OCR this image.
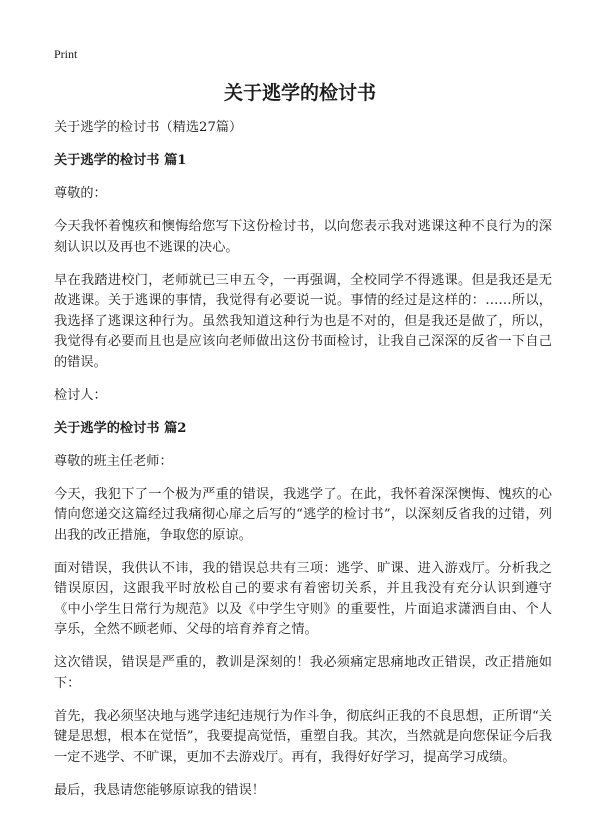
Print
关于逃学的检讨书

关于逃学的检讨书（精选27篇）

关于逃学的检讨书 篇1

尊敬的：

今天我怀着愧疚和懊悔给您写下这份检讨书，以向您表示我对逃课这种不良行为的深刻认识以及再也不逃课的决心。

早在我踏进校门，老师就已三申五令，一再强调，全校同学不得逃课。但是我还是无故逃课。关于逃课的事情，我觉得有必要说一说。事情的经过是这样的：……所以，我选择了逃课这种行为。虽然我知道这种行为也是不对的，但是我还是做了，所以，我觉得有必要而且也是应该向老师做出这份书面检讨，让我自己深深的反省一下自己的错误。

检讨人：

关于逃学的检讨书 篇2

尊敬的班主任老师：

今天，我犯下了一个极为严重的错误，我逃学了。在此，我怀着深深懊悔、愧疚的心情向您递交这篇经过我痛彻心扉之后写的“逃学的检讨书”，以深刻反省我的过错，列出我的改正措施，争取您的原谅。

面对错误，我供认不讳，我的错误总共有三项：逃学、旷课、进入游戏厅。分析我之错误原因，这跟我平时放松自己的要求有着密切关系，并且我没有充分认识到遵守《中小学生日常行为规范》以及《中学生守则》的重要性，片面追求潇洒自由、个人享乐，全然不顾老师、父母的培育养育之情。

这次错误，错误是严重的，教训是深刻的！我必须痛定思痛地改正错误，改正措施如下：

首先，我必须坚决地与逃学违纪违规行为作斗争，彻底纠正我的不良思想，正所谓“关键是思想，根本在觉悟”，我要提高觉悟，重塑自我。其次，当然就是向您保证今后我一定不逃学、不旷课，更加不去游戏厅。再有，我得好好学习，提高学习成绩。

最后，我恳请您能够原谅我的错误！
